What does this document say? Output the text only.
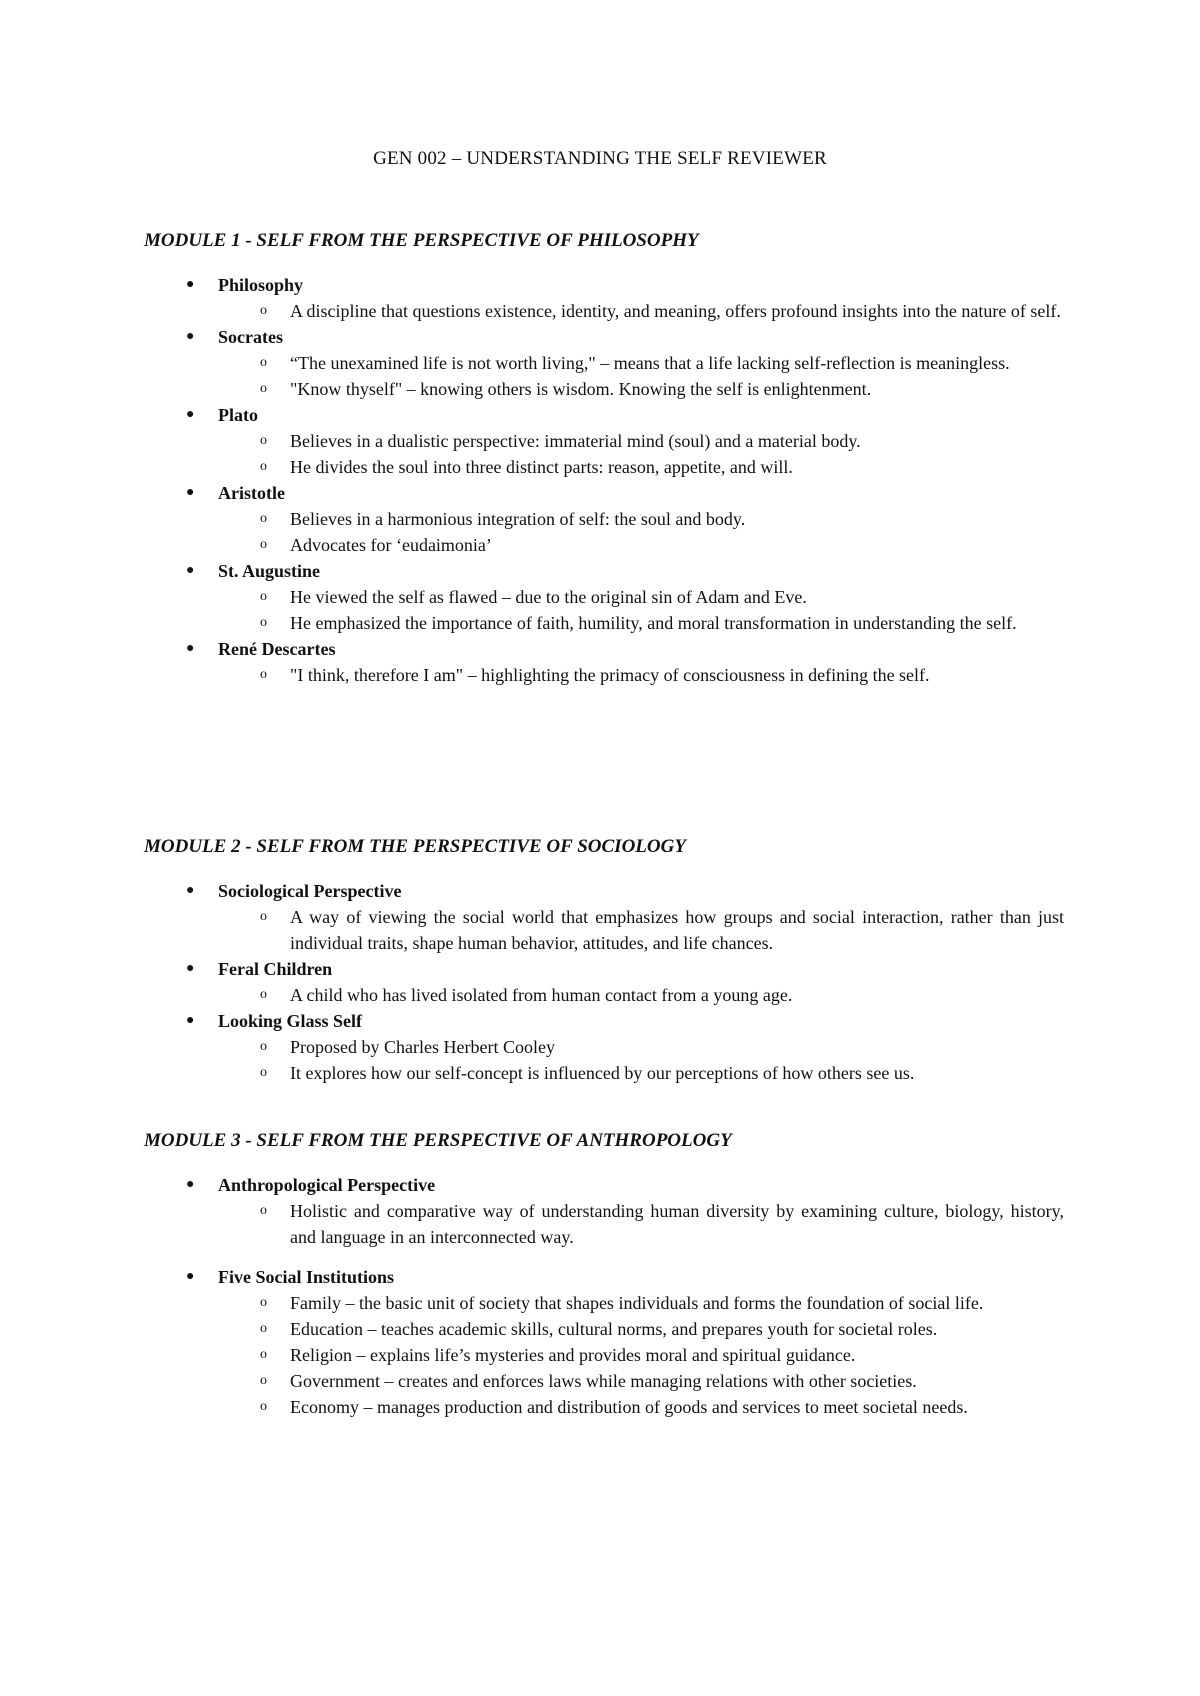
GEN 002 – UNDERSTANDING THE SELF REVIEWER
MODULE 1 - SELF FROM THE PERSPECTIVE OF PHILOSOPHY
●	Philosophy
o A discipline that questions existence, identity, and meaning, offers profound insights into the nature of self.
●	Socrates
o “The unexamined life is not worth living," – means that a life lacking self-reflection is meaningless.
o "Know thyself" – knowing others is wisdom. Knowing the self is enlightenment.
●	Plato
o Believes in a dualistic perspective: immaterial mind (soul) and a material body.
o He divides the soul into three distinct parts: reason, appetite, and will.
●	Aristotle
o Believes in a harmonious integration of self: the soul and body.
o Advocates for ‘eudaimonia’
●	St. Augustine
o He viewed the self as flawed – due to the original sin of Adam and Eve.
o He emphasized the importance of faith, humility, and moral transformation in understanding the self.
●	René Descartes
o "I think, therefore I am" – highlighting the primacy of consciousness in defining the self.
MODULE 2 - SELF FROM THE PERSPECTIVE OF SOCIOLOGY
●	Sociological Perspective
o A way of viewing the social world that emphasizes how groups and social interaction, rather than just individual traits, shape human behavior, attitudes, and life chances.
●	Feral Children
o A child who has lived isolated from human contact from a young age.
●	Looking Glass Self
o Proposed by Charles Herbert Cooley
o It explores how our self-concept is influenced by our perceptions of how others see us.
MODULE 3 - SELF FROM THE PERSPECTIVE OF ANTHROPOLOGY
●	Anthropological Perspective
o Holistic and comparative way of understanding human diversity by examining culture, biology, history, and language in an interconnected way.
●	Five Social Institutions
o Family – the basic unit of society that shapes individuals and forms the foundation of social life.
o Education – teaches academic skills, cultural norms, and prepares youth for societal roles.
o Religion – explains life’s mysteries and provides moral and spiritual guidance.
o Government – creates and enforces laws while managing relations with other societies.
o Economy – manages production and distribution of goods and services to meet societal needs.
